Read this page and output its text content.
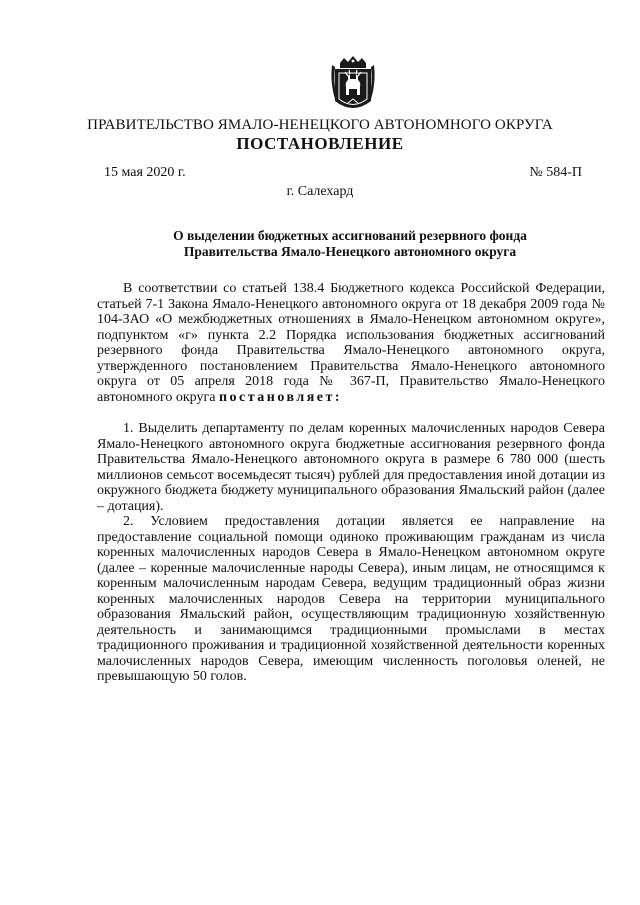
ПРАВИТЕЛЬСТВО ЯМАЛО-НЕНЕЦКОГО АВТОНОМНОГО ОКРУГА
ПОСТАНОВЛЕНИЕ
15 мая 2020 г.	№ 584-П
г. Салехард
О выделении бюджетных ассигнований резервного фонда
Правительства Ямало-Ненецкого автономного округа

В соответствии со статьей 138.4 Бюджетного кодекса Российской Федерации, статьей 7-1 Закона Ямало-Ненецкого автономного округа от 18 декабря 2009 года № 104-ЗАО «О межбюджетных отношениях в Ямало-Ненецком автономном округе», подпунктом «г» пункта 2.2 Порядка использования бюджетных ассигнований резервного фонда Правительства Ямало-Ненецкого автономного округа, утвержденного постановлением Правительства Ямало-Ненецкого автономного округа от 05 апреля 2018 года № 367-П, Правительство Ямало-Ненецкого автономного округа постановляет:

1. Выделить департаменту по делам коренных малочисленных народов Севера Ямало-Ненецкого автономного округа бюджетные ассигнования резервного фонда Правительства Ямало-Ненецкого автономного округа в размере 6 780 000 (шесть миллионов семьсот восемьдесят тысяч) рублей для предоставления иной дотации из окружного бюджета бюджету муниципального образования Ямальский район (далее – дотация).

2. Условием предоставления дотации является ее направление на предоставление социальной помощи одиноко проживающим гражданам из числа коренных малочисленных народов Севера в Ямало-Ненецком автономном округе (далее – коренные малочисленные народы Севера), иным лицам, не относящимся к коренным малочисленным народам Севера, ведущим традиционный образ жизни коренных малочисленных народов Севера на территории муниципального образования Ямальский район, осуществляющим традиционную хозяйственную деятельность и занимающимся традиционными промыслами в местах традиционного проживания и традиционной хозяйственной деятельности коренных малочисленных народов Севера, имеющим численность поголовья оленей, не превышающую 50 голов.
